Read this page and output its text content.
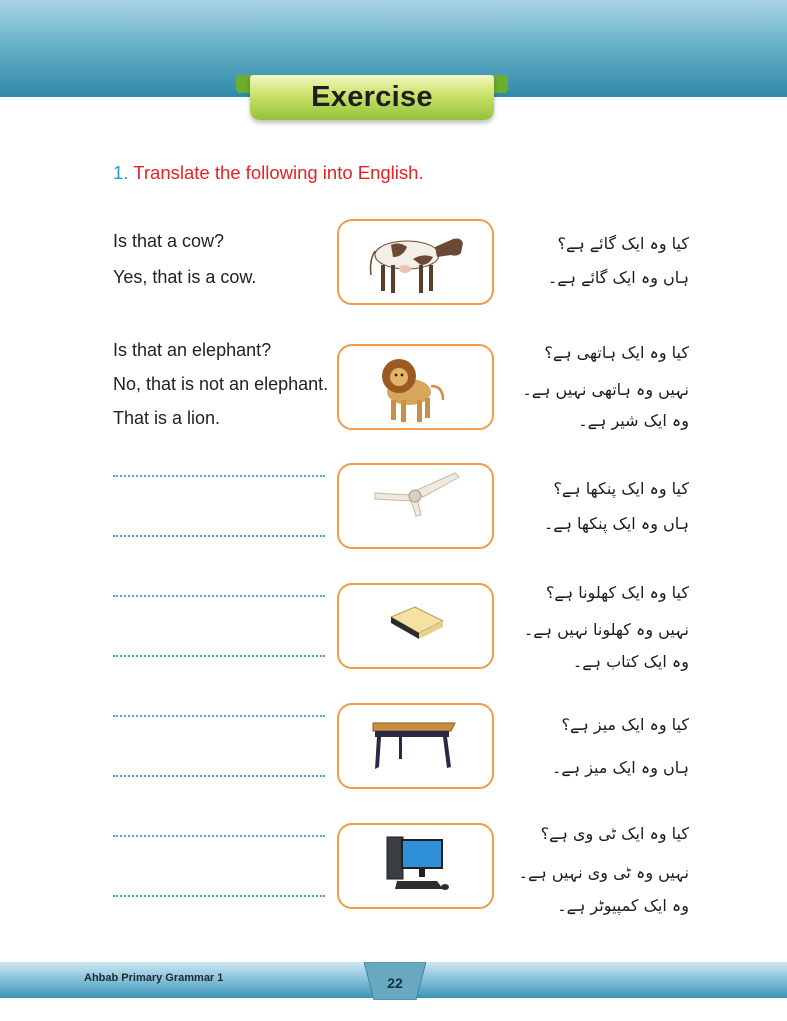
Exercise
1. Translate the following into English.
Is that a cow?
Yes, that is a cow.
کیا وہ ایک گائے ہے؟
ہاں وہ ایک گائے ہے۔
Is that an elephant?
No, that is not an elephant.
That is a lion.
کیا وہ ایک ہاتھی ہے؟
نہیں وہ ہاتھی نہیں ہے۔
وہ ایک شیر ہے۔
کیا وہ ایک پنکھا ہے؟
ہاں وہ ایک پنکھا ہے۔
کیا وہ ایک کھلونا ہے؟
نہیں وہ کھلونا نہیں ہے۔
وہ ایک کتاب ہے۔
کیا وہ ایک میز ہے؟
ہاں وہ ایک میز ہے۔
کیا وہ ایک ٹی وی ہے؟
نہیں وہ ٹی وی نہیں ہے۔
وہ ایک کمپیوٹر ہے۔
Ahbab Primary Grammar 1	22
